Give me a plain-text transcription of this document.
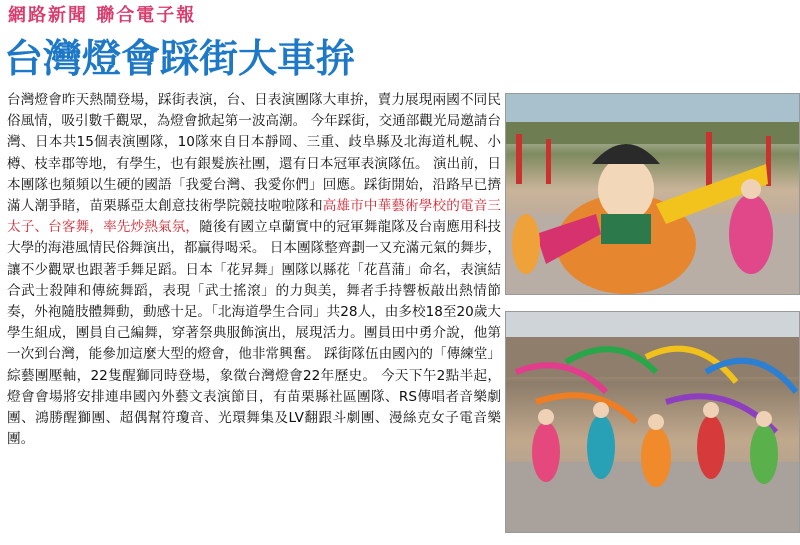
網路新聞 聯合電子報
台灣燈會踩街大車拚
台灣燈會昨天熱鬧登場，踩街表演，台、日表演團隊大車拚，賣力展現兩國不同民俗風情，吸引數千觀眾，為燈會掀起第一波高潮。 今年踩街，交通部觀光局邀請台灣、日本共15個表演團隊，10隊來自日本靜岡、三重、歧阜縣及北海道札幌、小樽、枝幸郡等地，有學生，也有銀髮族社團，還有日本冠軍表演隊伍。 演出前，日本團隊也頻頻以生硬的國語「我愛台灣、我愛你們」回應。踩街開始，沿路早已擠滿人潮爭睹，苗栗縣亞太創意技術學院競技啦啦隊和高雄市中華藝術學校的電音三太子、台客舞，率先炒熱氣氛，隨後有國立卓蘭實中的冠軍舞龍隊及台南應用科技大學的海港風情民俗舞演出，都贏得喝采。 日本團隊整齊劃一又充滿元氣的舞步，讓不少觀眾也跟著手舞足蹈。日本「花昇舞」團隊以縣花「花菖蒲」命名，表演結合武士殺陣和傳統舞蹈，表現「武士搖滾」的力與美，舞者手持響板敲出熱情節奏，外袍隨肢體舞動，動感十足。「北海道學生合同」共28人，由多校18至20歲大學生組成，團員自己編舞，穿著祭典服飾演出，展現活力。團員田中勇介說，他第一次到台灣，能參加這麼大型的燈會，他非常興奮。 踩街隊伍由國內的「傳練堂」綜藝團壓軸，22隻醒獅同時登場，象徵台灣燈會22年歷史。 今天下午2點半起，燈會會場將安排連串國內外藝文表演節目，有苗栗縣社區團隊、RS傳唱者音樂劇團、鴻勝醒獅團、超偶幫符瓊音、光環舞集及LV翻跟斗劇團、漫絲克女子電音樂團。
